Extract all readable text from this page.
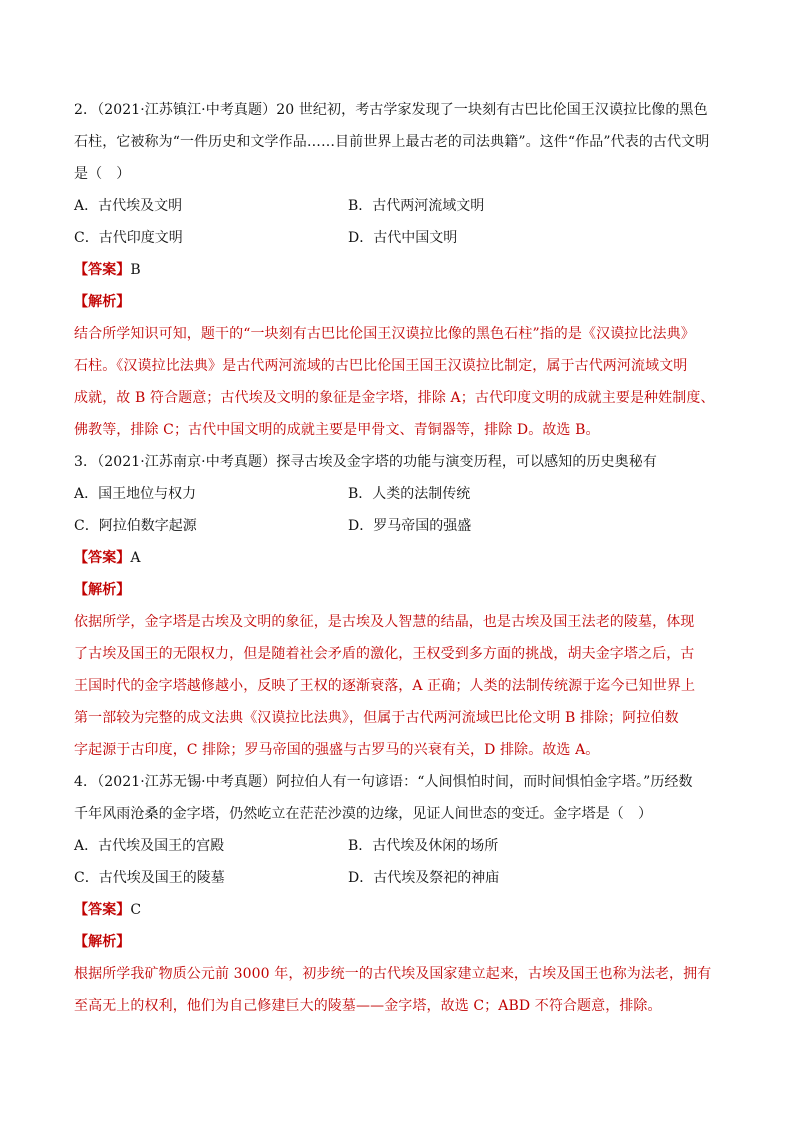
2．（2021·江苏镇江·中考真题）20 世纪初，考古学家发现了一块刻有古巴比伦国王汉谟拉比像的黑色
石柱，它被称为“一件历史和文学作品……目前世界上最古老的司法典籍”。这件“作品”代表的古代文明
是（　）
A．古代埃及文明	B．古代两河流域文明
C．古代印度文明	D．古代中国文明
【答案】B
【解析】
结合所学知识可知，题干的“一块刻有古巴比伦国王汉谟拉比像的黑色石柱”指的是《汉谟拉比法典》
石柱。《汉谟拉比法典》是古代两河流域的古巴比伦国王国王汉谟拉比制定，属于古代两河流域文明
成就，故 B 符合题意；古代埃及文明的象征是金字塔，排除 A；古代印度文明的成就主要是种姓制度、
佛教等，排除 C；古代中国文明的成就主要是甲骨文、青铜器等，排除 D。故选 B。
3．（2021·江苏南京·中考真题）探寻古埃及金字塔的功能与演变历程，可以感知的历史奥秘有
A．国王地位与权力	B．人类的法制传统
C．阿拉伯数字起源	D．罗马帝国的强盛
【答案】A
【解析】
依据所学，金字塔是古埃及文明的象征，是古埃及人智慧的结晶，也是古埃及国王法老的陵墓，体现
了古埃及国王的无限权力，但是随着社会矛盾的激化，王权受到多方面的挑战，胡夫金字塔之后，古
王国时代的金字塔越修越小，反映了王权的逐渐衰落，A 正确；人类的法制传统源于迄今已知世界上
第一部较为完整的成文法典《汉谟拉比法典》，但属于古代两河流域巴比伦文明 B 排除；阿拉伯数
字起源于古印度，C 排除；罗马帝国的强盛与古罗马的兴衰有关，D 排除。故选 A。
4．（2021·江苏无锡·中考真题）阿拉伯人有一句谚语：“人间惧怕时间，而时间惧怕金字塔。”历经数
千年风雨沧桑的金字塔，仍然屹立在茫茫沙漠的边缘，见证人间世态的变迁。金字塔是（　）
A．古代埃及国王的宫殿	B．古代埃及休闲的场所
C．古代埃及国王的陵墓	D．古代埃及祭祀的神庙
【答案】C
【解析】
根据所学我矿物质公元前 3000 年，初步统一的古代埃及国家建立起来，古埃及国王也称为法老，拥有
至高无上的权利，他们为自己修建巨大的陵墓——金字塔，故选 C；ABD 不符合题意，排除。
